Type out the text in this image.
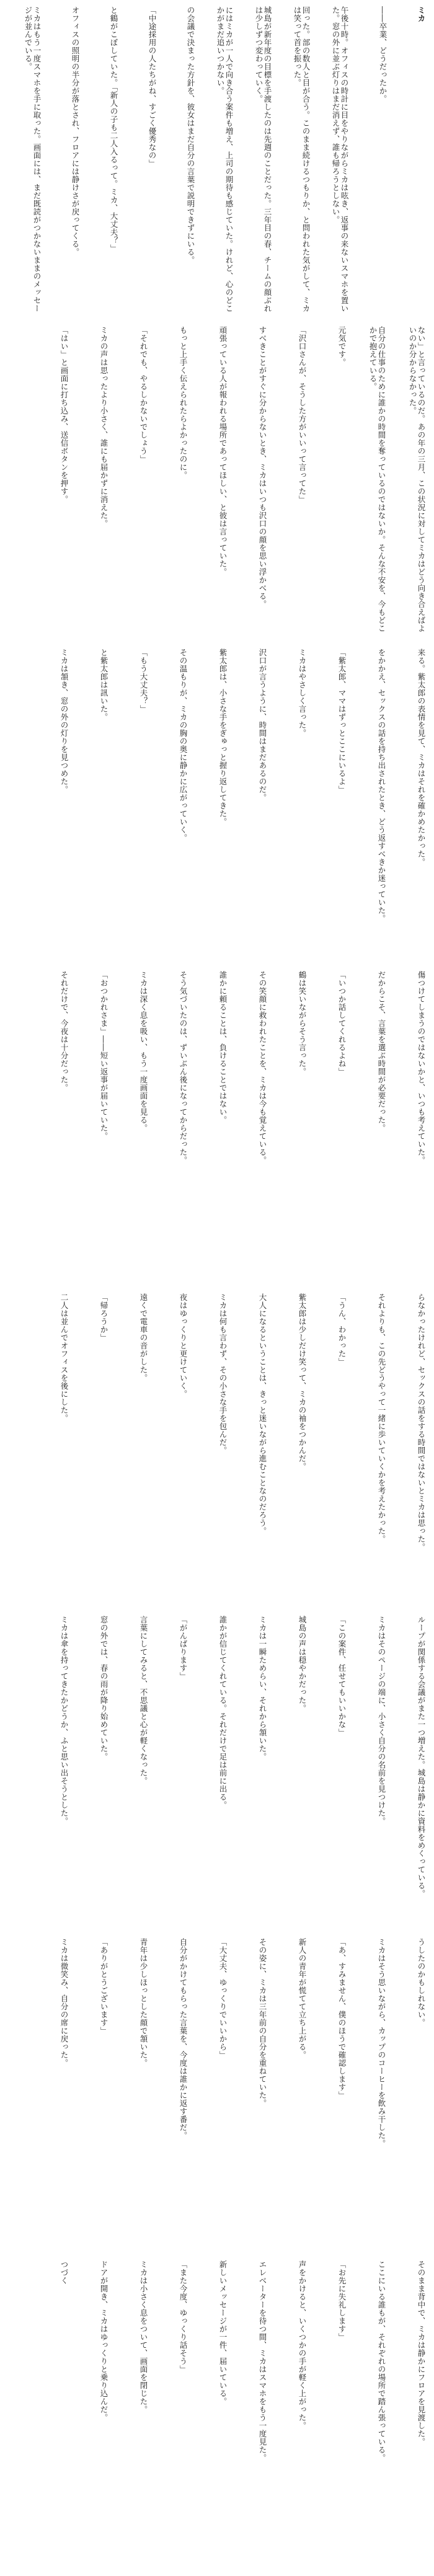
ミカ
――卒業、どうだったか。
午後十時。オフィスの時計に目をやりながらミカは呟き、返事の来ないスマホを置いた。窓の外に並ぶ灯りはまだ消えず、誰も帰ろうとしない。
回った。部の数人と目が合う。このまま続けるつもりか、と問われた気がして、ミカは笑って首を振った。
城島が新年度の目標を手渡したのは先週のことだった。三年目の春、チームの顔ぶれは少しずつ変わっていく。
にはミカが一人で向き合う案件も増え、上司の期待も感じていた。けれど、心のどこかがまだ追いつかない。
の会議で決まった方針を、彼女はまだ自分の言葉で説明できずにいる。
「中途採用の人たちがね、すごく優秀なの」
と鶴がこぼしていた。「新人の子も二人入るって。ミカ、大丈夫？」
オフィスの照明の半分が落とされ、フロアには静けさが戻ってくる。
ミカはもう一度スマホを手に取った。画面には、まだ既読がつかないままのメッセージが並んでいる。
ない」と言っているのだ。あの年の三月、この状況に対してミカはどう向き合えばよいのか分からなかった。
自分の仕事のために誰かの時間を奪っているのではないか。そんな不安を、今もどこかで抱えている。
元気です。
「沢口さんが、そうした方がいいって言ってた」
すべきことがすぐに分からないとき、ミカはいつも沢口の顔を思い浮かべる。
頑張っている人が報われる場所であってほしい、と彼は言っていた。
もっと上手く伝えられたらよかったのに。
「それでも、やるしかないでしょう」
ミカの声は思ったより小さく、誰にも届かずに消えた。
「はい」と画面に打ち込み、送信ボタンを押す。
来る。紫太郎の表情を見て、ミカはそれを確かめたかった。
をかかえ、セックスの話を持ち出されたとき、どう返すべきか迷っていた。
「紫太郎、ママはずっとここにいるよ」
ミカはやさしく言った。
沢口が言うように、時間はまだあるのだ。
紫太郎は、小さな手をぎゅっと握り返してきた。
その温もりが、ミカの胸の奥に静かに広がっていく。
「もう大丈夫？」
と紫太郎は訊いた。
ミカは頷き、窓の外の灯りを見つめた。
傷つけてしまうのではないかと、いつも考えていた。
だからこそ、言葉を選ぶ時間が必要だった。
「いつか話してくれるよね」
鶴は笑いながらそう言った。
その笑顔に救われたことを、ミカは今も覚えている。
誰かに頼ることは、負けることではない。
そう気づいたのは、ずいぶん後になってからだった。
ミカは深く息を吸い、もう一度画面を見る。
「おつかれさま」――短い返事が届いていた。
それだけで、今夜は十分だった。
らなかったけれど、セックスの話をする時間ではないとミカは思った。
それよりも、この先どうやって一緒に歩いていくかを考えたかった。
「うん、わかった」
紫太郎は少しだけ笑って、ミカの袖をつかんだ。
大人になるということは、きっと迷いながら進むことなのだろう。
ミカは何も言わず、その小さな手を包んだ。
夜はゆっくりと更けていく。
遠くで電車の音がした。
「帰ろうか」
二人は並んでオフィスを後にした。
ループが関係する会議がまた一つ増えた。城島は静かに資料をめくっている。
ミカはそのページの端に、小さく自分の名前を見つけた。
「この案件、任せてもいいかな」
城島の声は穏やかだった。
ミカは一瞬ためらい、それから頷いた。
誰かが信じてくれている。それだけで足は前に出る。
「がんばります」
言葉にしてみると、不思議と心が軽くなった。
窓の外では、春の雨が降り始めていた。
ミカは傘を持ってきたかどうか、ふと思い出そうとした。
うしたのかもしれない。
ミカはそう思いながら、カップのコーヒーを飲み干した。
「あ、すみません、僕のほうで確認します」
新人の青年が慌てて立ち上がる。
その姿に、ミカは三年前の自分を重ねていた。
「大丈夫、ゆっくりでいいから」
自分がかけてもらった言葉を、今度は誰かに返す番だ。
青年は少しほっとした顔で頷いた。
「ありがとうございます」
ミカは微笑み、自分の席に戻った。
そのまま背中で、ミカは静かにフロアを見渡した。
ここにいる誰もが、それぞれの場所で踏ん張っている。
「お先に失礼します」
声をかけると、いくつかの手が軽く上がった。
エレベーターを待つ間、ミカはスマホをもう一度見た。
新しいメッセージが一件、届いている。
「また今度、ゆっくり話そう」
ミカは小さく息をついて、画面を閉じた。
ドアが開き、ミカはゆっくりと乗り込んだ。
つづく
